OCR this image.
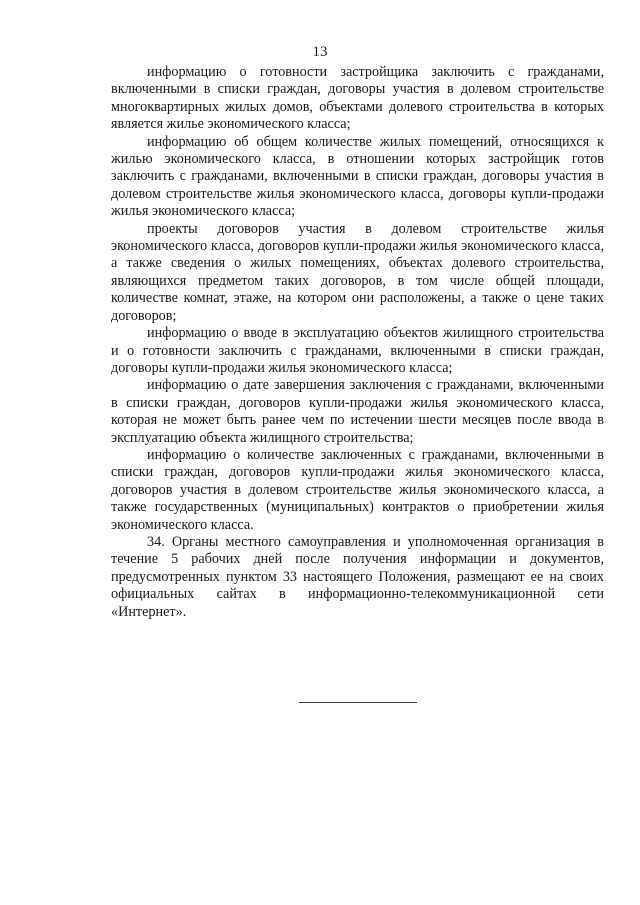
13

информацию о готовности застройщика заключить с гражданами, включенными в списки граждан, договоры участия в долевом строительстве многоквартирных жилых домов, объектами долевого строительства в которых является жилье экономического класса;

информацию об общем количестве жилых помещений, относящихся к жилью экономического класса, в отношении которых застройщик готов заключить с гражданами, включенными в списки граждан, договоры участия в долевом строительстве жилья экономического класса, договоры купли-продажи жилья экономического класса;

проекты договоров участия в долевом строительстве жилья экономического класса, договоров купли-продажи жилья экономического класса, а также сведения о жилых помещениях, объектах долевого строительства, являющихся предметом таких договоров, в том числе общей площади, количестве комнат, этаже, на котором они расположены, а также о цене таких договоров;

информацию о вводе в эксплуатацию объектов жилищного строительства и о готовности заключить с гражданами, включенными в списки граждан, договоры купли-продажи жилья экономического класса;

информацию о дате завершения заключения с гражданами, включенными в списки граждан, договоров купли-продажи жилья экономического класса, которая не может быть ранее чем по истечении шести месяцев после ввода в эксплуатацию объекта жилищного строительства;

информацию о количестве заключенных с гражданами, включенными в списки граждан, договоров купли-продажи жилья экономического класса, договоров участия в долевом строительстве жилья экономического класса, а также государственных (муниципальных) контрактов о приобретении жилья экономического класса.

34. Органы местного самоуправления и уполномоченная организация в течение 5 рабочих дней после получения информации и документов, предусмотренных пунктом 33 настоящего Положения, размещают ее на своих официальных сайтах в информационно-телекоммуникационной сети «Интернет».
